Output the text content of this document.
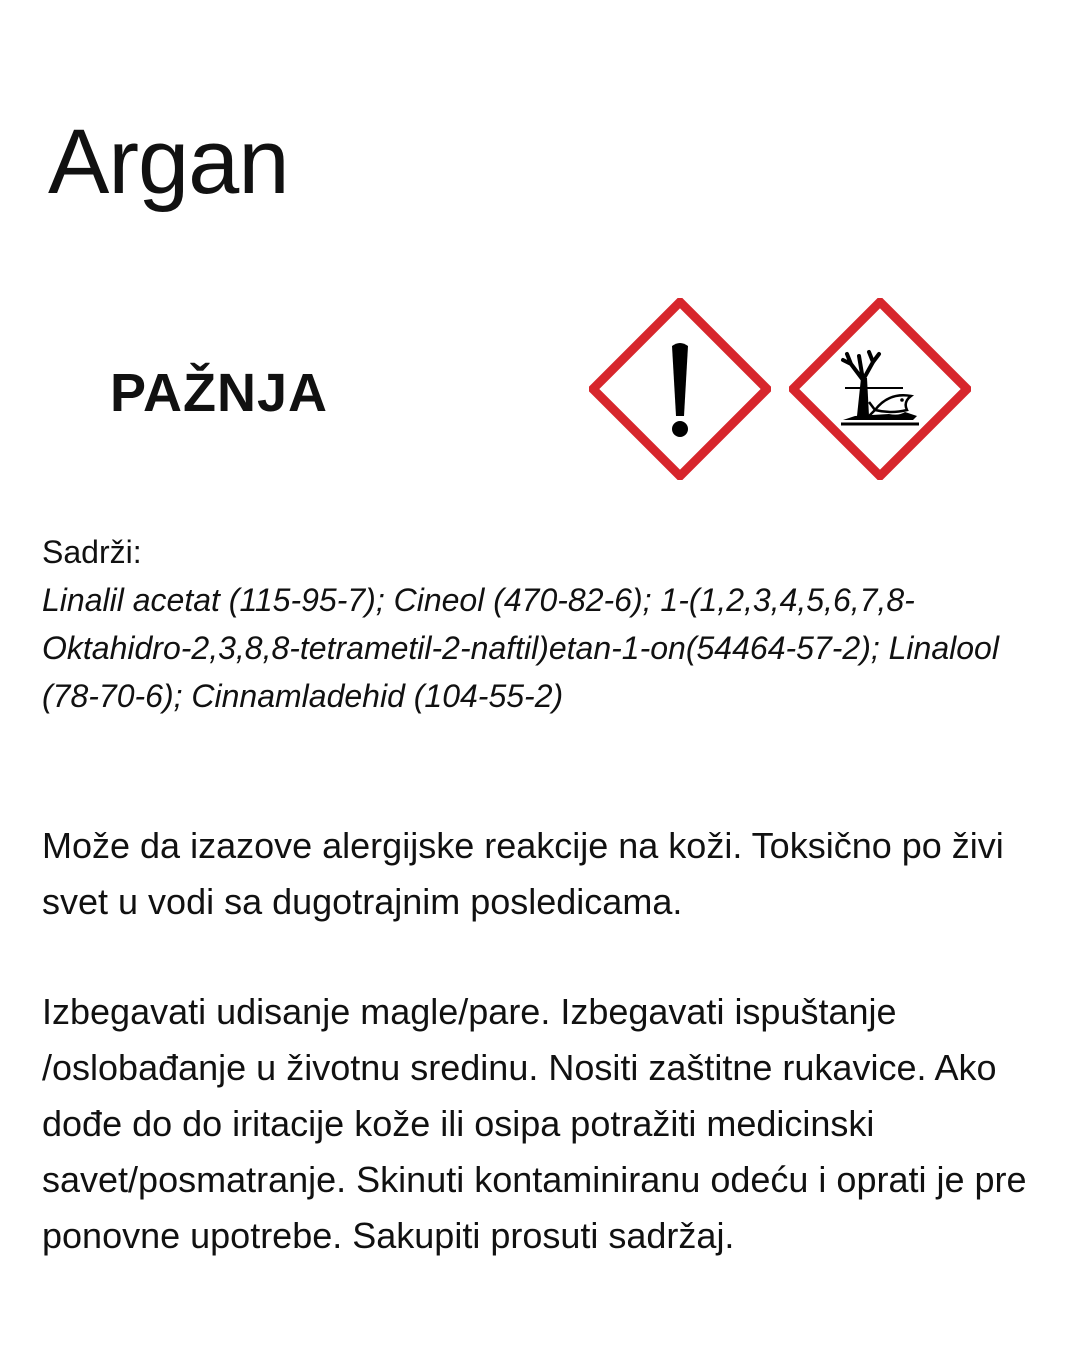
Argan
PAŽNJA
Sadrži:
Linalil acetat (115-95-7); Cineol (470-82-6); 1-(1,2,3,4,5,6,7,8-Oktahidro-2,3,8,8-tetrametil-2-naftil)etan-1-on(54464-57-2); Linalool (78-70-6); Cinnamladehid (104-55-2)

Može da izazove alergijske reakcije na koži. Toksično po živi svet u vodi sa dugotrajnim posledicama.

Izbegavati udisanje magle/pare. Izbegavati ispuštanje /oslobađanje u životnu sredinu. Nositi zaštitne rukavice. Ako dođe do do iritacije kože ili osipa potražiti medicinski savet/posmatranje. Skinuti kontaminiranu odeću i oprati je pre ponovne upotrebe. Sakupiti prosuti sadržaj.
